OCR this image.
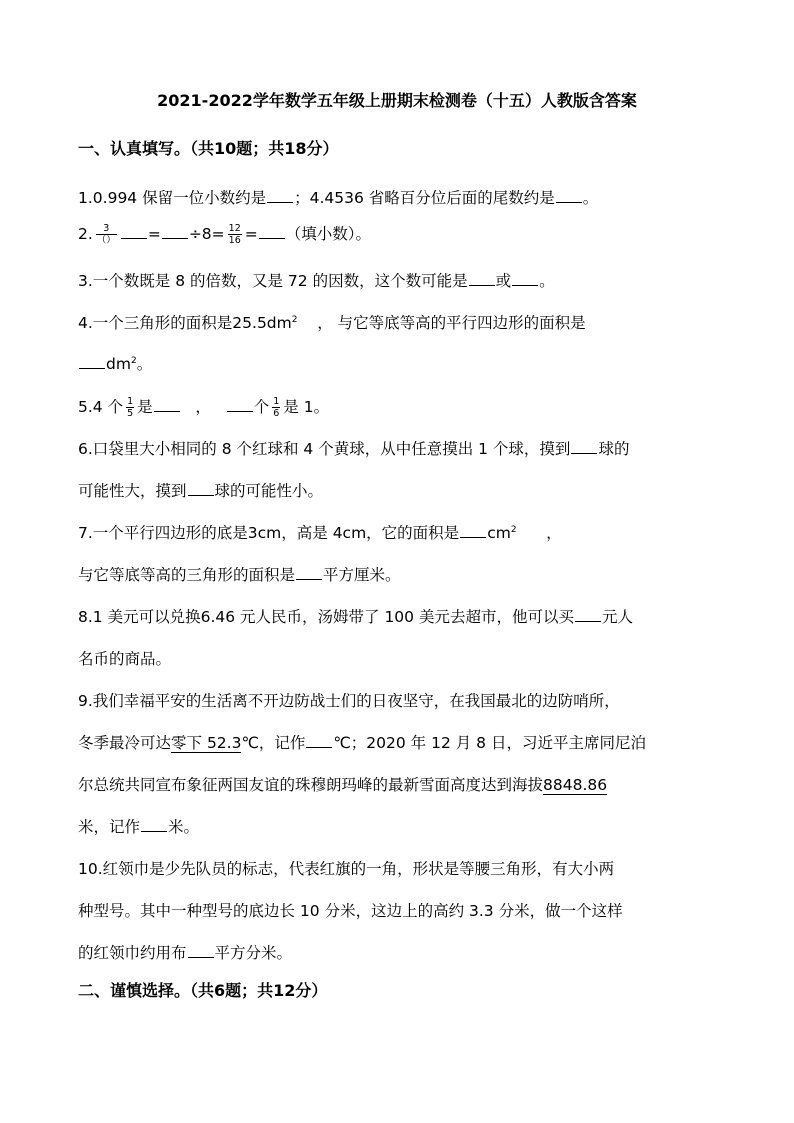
2021-2022学年数学五年级上册期末检测卷（十五）人教版含答案
一、认真填写。（共10题；共18分）
1.0.994 保留一位小数约是 ；4.4536 省略百分位后面的尾数约是 。
2. $\frac{3}{()} = \div 8= \frac{12}{16}$ = （填小数）。
3.一个数既是 8 的倍数，又是 72 的因数，这个数可能是 或 。
4.一个三角形的面积是$25.5dm^2$ ， 与它等底等高的平行四边形的面积是
$dm^2$。
5.4 个 $\frac{1}{5}$ 是	，	个 $\frac{1}{6}$ 是 1。
6.口袋里大小相同的 8 个红球和 4 个黄球，从中任意摸出 1 个球，摸到 球的
可能性大，摸到 球的可能性小。
7.一个平行四边形的底是3cm，高是 4cm，它的面积是 $cm^2$ ，
与它等底等高的三角形的面积是 平方厘米。
8.1 美元可以兑换6.46 元人民币，汤姆带了 100 美元去超市，他可以买 元人
名币的商品。
9.我们幸福平安的生活离不开边防战士们的日夜坚守，在我国最北的边防哨所，
冬季最冷可达零下 52.3℃，记作 ℃；2020 年 12 月 8 日，习近平主席同尼泊
尔总统共同宣布象征两国友谊的珠穆朗玛峰的最新雪面高度达到海拔8848.86
米，记作 米。
10.红领巾是少先队员的标志，代表红旗的一角，形状是等腰三角形，有大小两
种型号。其中一种型号的底边长 10 分米，这边上的高约 3.3 分米，做一个这样
的红领巾约用布 平方分米。
二、谨慎选择。（共6题；共12分）
